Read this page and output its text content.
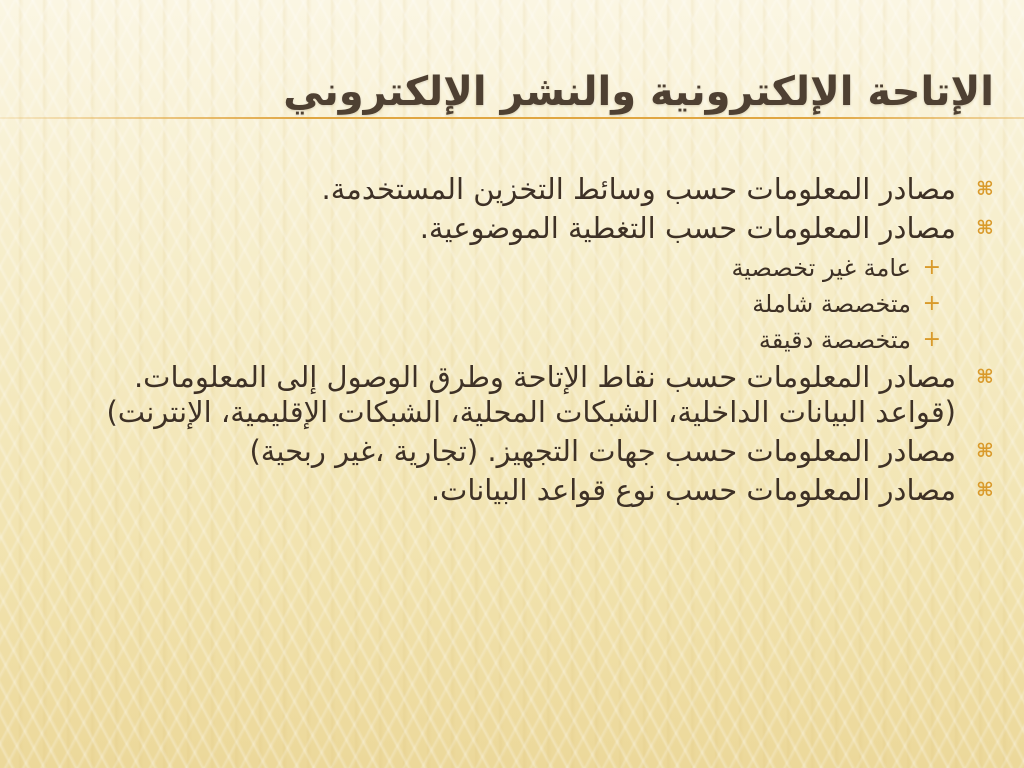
الإتاحة الإلكترونية والنشر الإلكتروني
⌘
مصادر المعلومات حسب وسائط التخزين المستخدمة.
⌘
مصادر المعلومات حسب التغطية الموضوعية.
+
عامة غير تخصصية
+
متخصصة شاملة
+
متخصصة دقيقة
⌘
مصادر المعلومات حسب نقاط الإتاحة وطرق الوصول إلى المعلومات. (قواعد البيانات الداخلية، الشبكات المحلية، الشبكات الإقليمية، الإنترنت)
⌘
مصادر المعلومات حسب جهات التجهيز. (تجارية ،غير ربحية)
⌘
مصادر المعلومات حسب نوع قواعد البيانات.
